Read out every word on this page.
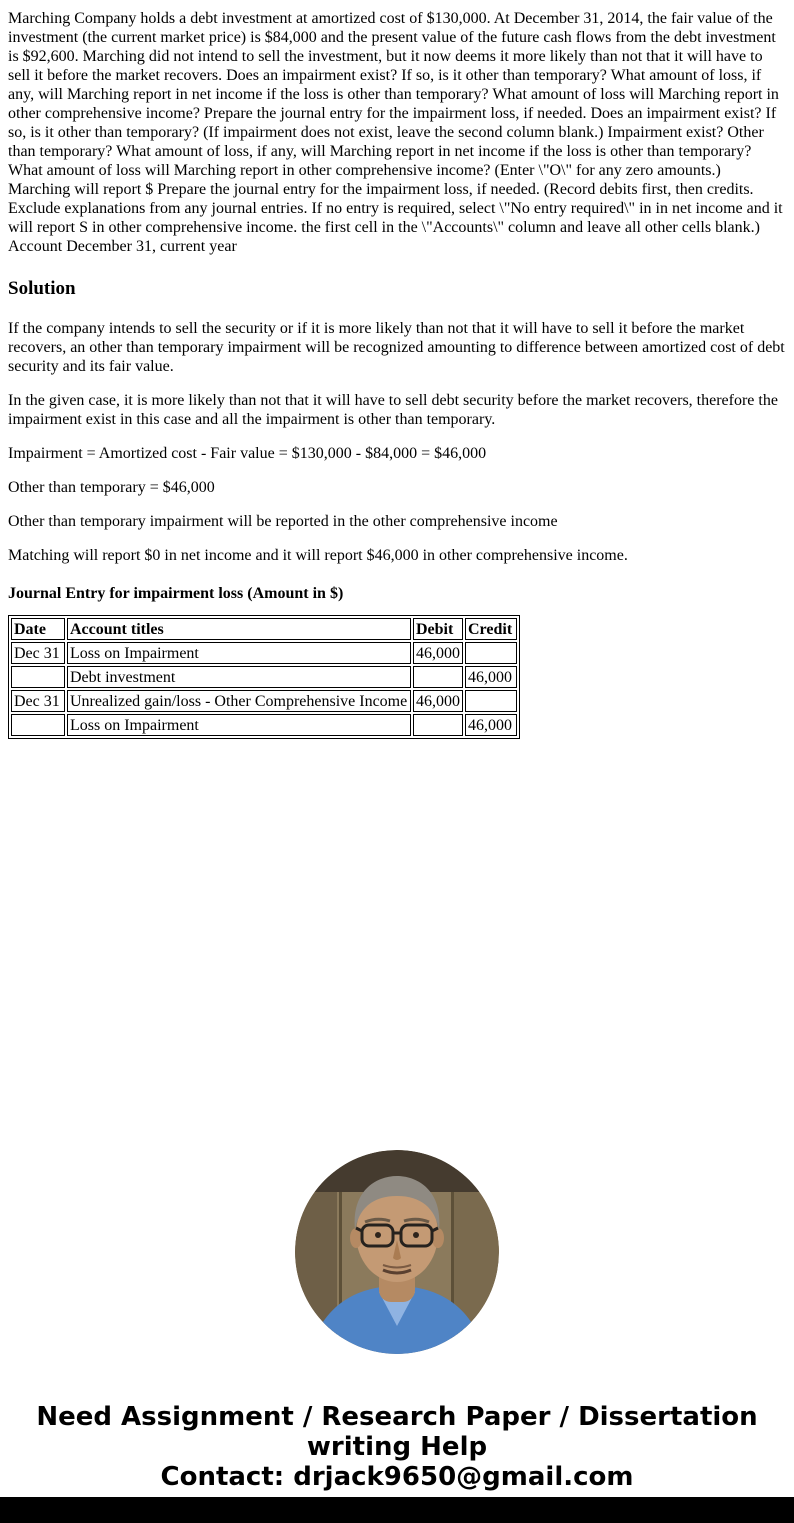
Marching Company holds a debt investment at amortized cost of $130,000. At December 31, 2014, the fair value of the investment (the current market price) is $84,000 and the present value of the future cash flows from the debt investment is $92,600. Marching did not intend to sell the investment, but it now deems it more likely than not that it will have to sell it before the market recovers. Does an impairment exist? If so, is it other than temporary? What amount of loss, if any, will Marching report in net income if the loss is other than temporary? What amount of loss will Marching report in other comprehensive income? Prepare the journal entry for the impairment loss, if needed. Does an impairment exist? If so, is it other than temporary? (If impairment does not exist, leave the second column blank.) Impairment exist? Other than temporary? What amount of loss, if any, will Marching report in net income if the loss is other than temporary? What amount of loss will Marching report in other comprehensive income? (Enter \"O\" for any zero amounts.) Marching will report $ Prepare the journal entry for the impairment loss, if needed. (Record debits first, then credits. Exclude explanations from any journal entries. If no entry is required, select \"No entry required\" in in net income and it will report S in other comprehensive income. the first cell in the \"Accounts\" column and leave all other cells blank.) Account December 31, current year

Solution

If the company intends to sell the security or if it is more likely than not that it will have to sell it before the market recovers, an other than temporary impairment will be recognized amounting to difference between amortized cost of debt security and its fair value.

In the given case, it is more likely than not that it will have to sell debt security before the market recovers, therefore the impairment exist in this case and all the impairment is other than temporary.

Impairment = Amortized cost - Fair value = $130,000 - $84,000 = $46,000

Other than temporary = $46,000

Other than temporary impairment will be reported in the other comprehensive income

Matching will report $0 in net income and it will report $46,000 in other comprehensive income.

Journal Entry for impairment loss (Amount in $)
Date	Account titles	Debit	Credit
Dec 31	Loss on Impairment	46,000	
	Debt investment		46,000
Dec 31	Unrealized gain/loss - Other Comprehensive Income	46,000	
	Loss on Impairment		46,000
Need Assignment / Research Paper / Dissertation writing Help
Contact: drjack9650@gmail.com
